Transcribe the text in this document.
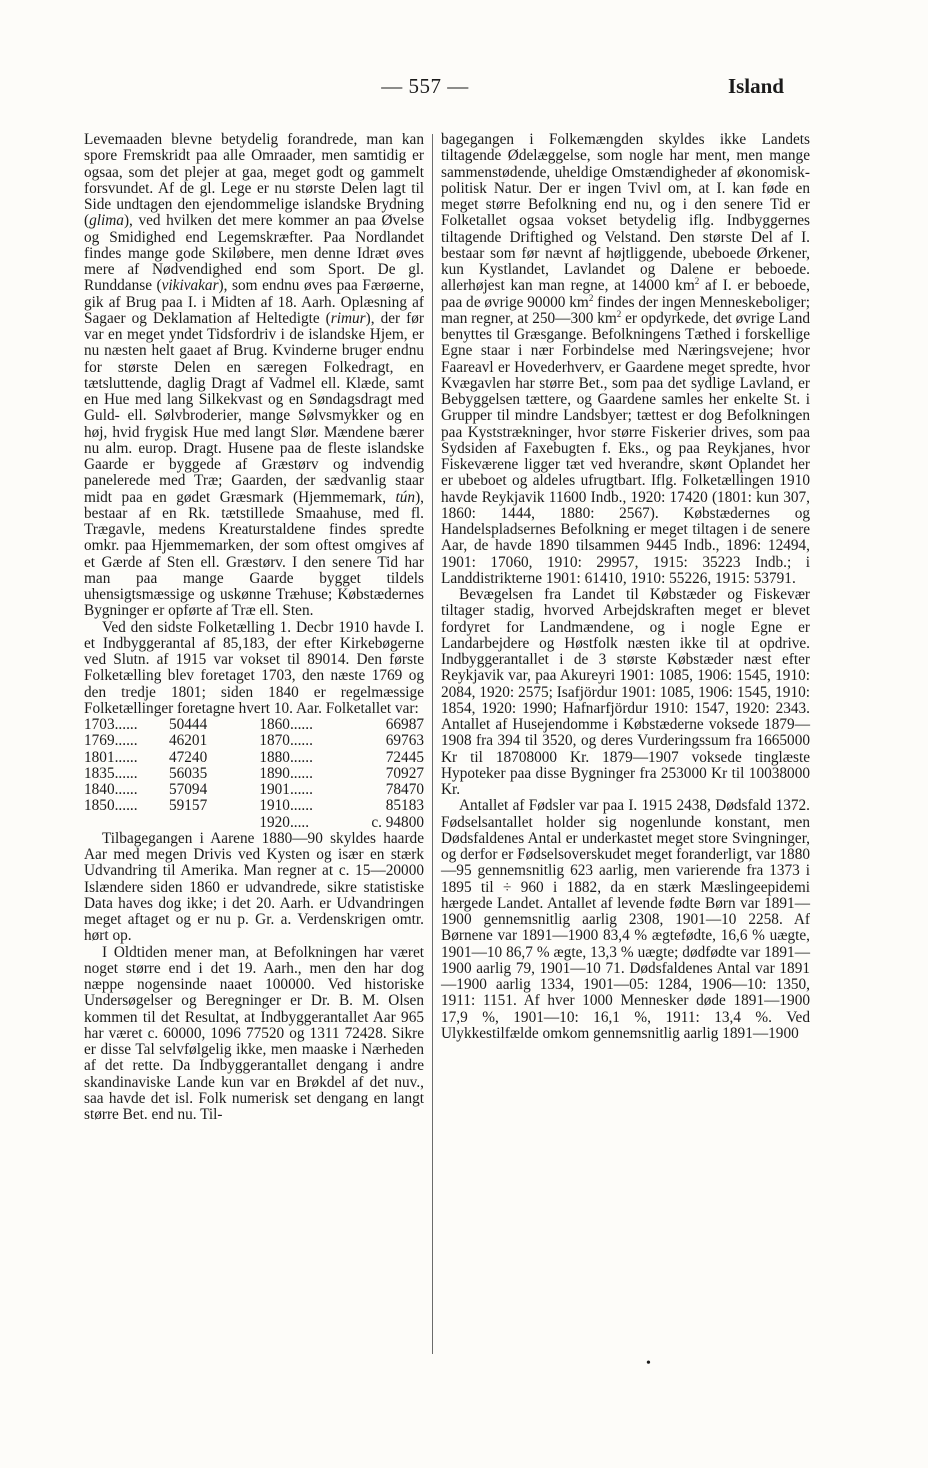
— 557 —	Island

Levemaaden blevne betydelig forandrede, man kan spore Fremskridt paa alle Omraader, men samtidig er ogsaa, som det plejer at gaa, meget godt og gammelt forsvundet. Af de gl. Lege er nu største Delen lagt til Side undtagen den ejendommelige islandske Brydning (glima), ved hvilken det mere kommer an paa Øvelse og Smidighed end Legemskræfter. Paa Nordlandet findes mange gode Skiløbere, men denne Idræt øves mere af Nødvendighed end som Sport. De gl. Runddanse (vikivakar), som endnu øves paa Færøerne, gik af Brug paa I. i Midten af 18. Aarh. Oplæsning af Sagaer og Deklamation af Heltedigte (rimur), der før var en meget yndet Tidsfordriv i de islandske Hjem, er nu næsten helt gaaet af Brug. Kvinderne bruger endnu for største Delen en særegen Folkedragt, en tætsluttende, daglig Dragt af Vadmel ell. Klæde, samt en Hue med lang Silkekvast og en Søndagsdragt med Guld- ell. Sølvbroderier, mange Sølvsmykker og en høj, hvid frygisk Hue med langt Slør. Mændene bærer nu alm. europ. Dragt. Husene paa de fleste islandske Gaarde er byggede af Græstørv og indvendig panelerede med Træ; Gaarden, der sædvanlig staar midt paa en gødet Græsmark (Hjemmemark, tún), bestaar af en Rk. tætstillede Smaahuse, med fl. Trægavle, medens Kreaturstaldene findes spredte omkr. paa Hjemmemarken, der som oftest omgives af et Gærde af Sten ell. Græstørv. I den senere Tid har man paa mange Gaarde bygget tildels uhensigtsmæssige og uskønne Træhuse; Købstædernes Bygninger er opførte af Træ ell. Sten.

Ved den sidste Folketælling 1. Decbr 1910 havde I. et Indbyggerantal af 85,183, der efter Kirkebøgerne ved Slutn. af 1915 var vokset til 89014. Den første Folketælling blev foretaget 1703, den næste 1769 og den tredje 1801; siden 1840 er regelmæssige Folketællinger foretagne hvert 10. Aar. Folketallet var:

1703......	50444		1860......	66987
1769......	46201		1870......	69763
1801......	47240		1880......	72445
1835......	56035		1890......	70927
1840......	57094		1901......	78470
1850......	59157		1910......	85183
			1920.....	c. 94800

Tilbagegangen i Aarene 1880—90 skyldes haarde Aar med megen Drivis ved Kysten og især en stærk Udvandring til Amerika. Man regner at c. 15—20000 Islændere siden 1860 er udvandrede, sikre statistiske Data haves dog ikke; i det 20. Aarh. er Udvandringen meget aftaget og er nu p. Gr. a. Verdenskrigen omtr. hørt op.

I Oldtiden mener man, at Befolkningen har været noget større end i det 19. Aarh., men den har dog næppe nogensinde naaet 100000. Ved historiske Undersøgelser og Beregninger er Dr. B. M. Olsen kommen til det Resultat, at Indbyggerantallet Aar 965 har været c. 60000, 1096 77520 og 1311 72428. Sikre er disse Tal selvfølgelig ikke, men maaske i Nærheden af det rette. Da Indbyggerantallet dengang i andre skandinaviske Lande kun var en Brøkdel af det nuv., saa havde det isl. Folk numerisk set dengang en langt større Bet. end nu. Til-

bagegangen i Folkemængden skyldes ikke Landets tiltagende Ødelæggelse, som nogle har ment, men mange sammenstødende, uheldige Omstændigheder af økonomisk-politisk Natur. Der er ingen Tvivl om, at I. kan føde en meget større Befolkning end nu, og i den senere Tid er Folketallet ogsaa vokset betydelig iflg. Indbyggernes tiltagende Driftighed og Velstand. Den største Del af I. bestaar som før nævnt af højtliggende, ubeboede Ørkener, kun Kystlandet, Lavlandet og Dalene er beboede. allerhøjest kan man regne, at 14000 $km^2$ af I. er beboede, paa de øvrige 90000 $km^2$ findes der ingen Menneskeboliger; man regner, at 250—300 $km^2$ er opdyrkede, det øvrige Land benyttes til Græsgange. Befolkningens Tæthed i forskellige Egne staar i nær Forbindelse med Næringsvejene; hvor Faareavl er Hovederhverv, er Gaardene meget spredte, hvor Kvægavlen har større Bet., som paa det sydlige Lavland, er Bebyggelsen tættere, og Gaardene samles her enkelte St. i Grupper til mindre Landsbyer; tættest er dog Befolkningen paa Kyststrækninger, hvor større Fiskerier drives, som paa Sydsiden af Faxebugten f. Eks., og paa Reykjanes, hvor Fiskeværene ligger tæt ved hverandre, skønt Oplandet her er ubeboet og aldeles ufrugtbart. Iflg. Folketællingen 1910 havde Reykjavik 11600 Indb., 1920: 17420 (1801: kun 307, 1860: 1444, 1880: 2567). Købstædernes og Handelspladsernes Befolkning er meget tiltagen i de senere Aar, de havde 1890 tilsammen 9445 Indb., 1896: 12494, 1901: 17060, 1910: 29957, 1915: 35223 Indb.; i Landdistrikterne 1901: 61410, 1910: 55226, 1915: 53791.

Bevægelsen fra Landet til Købstæder og Fiskevær tiltager stadig, hvorved Arbejdskraften meget er blevet fordyret for Landmændene, og i nogle Egne er Landarbejdere og Høstfolk næsten ikke til at opdrive. Indbyggerantallet i de 3 største Købstæder næst efter Reykjavik var, paa Akureyri 1901: 1085, 1906: 1545, 1910: 2084, 1920: 2575; Isafjördur 1901: 1085, 1906: 1545, 1910: 1854, 1920: 1990; Hafnarfjördur 1910: 1547, 1920: 2343. Antallet af Husejendomme i Købstæderne voksede 1879—1908 fra 394 til 3520, og deres Vurderingssum fra 1665000 Kr til 18708000 Kr. 1879—1907 voksede tinglæste Hypoteker paa disse Bygninger fra 253000 Kr til 10038000 Kr.

Antallet af Fødsler var paa I. 1915 2438, Dødsfald 1372. Fødselsantallet holder sig nogenlunde konstant, men Dødsfaldenes Antal er underkastet meget store Svingninger, og derfor er Fødselsoverskudet meget foranderligt, var 1880—95 gennemsnitlig 623 aarlig, men varierende fra 1373 i 1895 til ÷ 960 i 1882, da en stærk Mæslingeepidemi hærgede Landet. Antallet af levende fødte Børn var 1891—1900 gennemsnitlig aarlig 2308, 1901—10 2258. Af Børnene var 1891—1900 83,4 % ægtefødte, 16,6 % uægte, 1901—10 86,7 % ægte, 13,3 % uægte; dødfødte var 1891—1900 aarlig 79, 1901—10 71. Dødsfaldenes Antal var 1891—1900 aarlig 1334, 1901—05: 1284, 1906—10: 1350, 1911: 1151. Af hver 1000 Mennesker døde 1891—1900 17,9 %, 1901—10: 16,1 %, 1911: 13,4 %. Ved Ulykkestilfælde omkom gennemsnitlig aarlig 1891—1900

•
